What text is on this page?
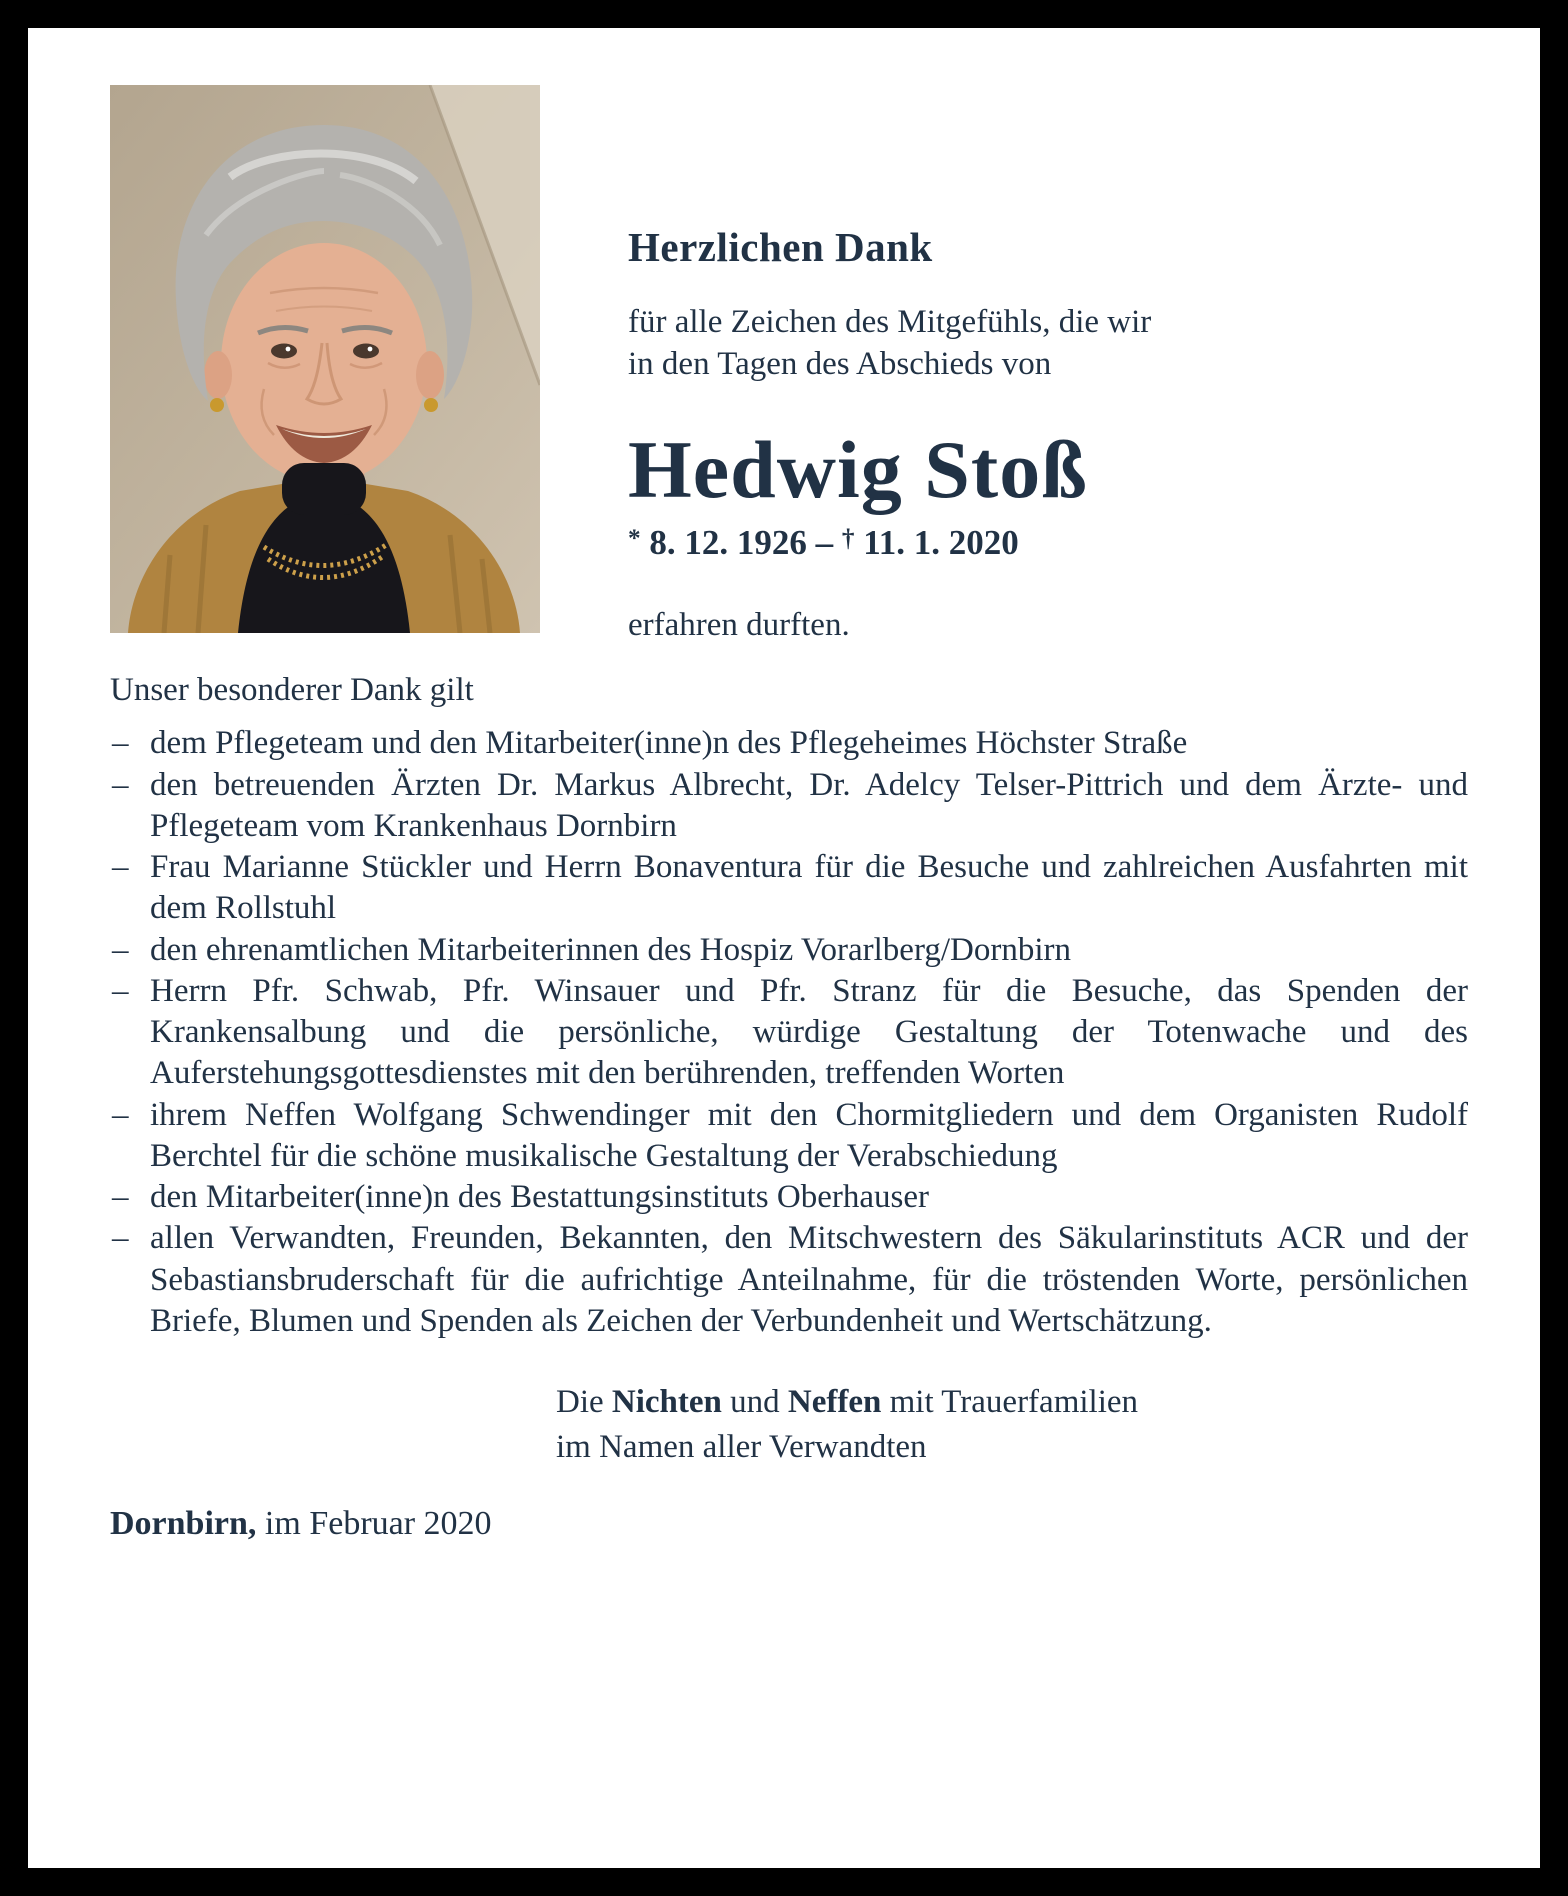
Herzlichen Dank

für alle Zeichen des Mitgefühls, die wir
in den Tagen des Abschieds von

Hedwig Stoß

* 8. 12. 1926 – † 11. 1. 2020

erfahren durften.

Unser besonderer Dank gilt

– dem Pflegeteam und den Mitarbeiter(inne)n des Pflegeheimes Höchster Straße
– den betreuenden Ärzten Dr. Markus Albrecht, Dr. Adelcy Telser-Pittrich und dem Ärzte- und Pflegeteam vom Krankenhaus Dornbirn
– Frau Marianne Stückler und Herrn Bonaventura für die Besuche und zahlreichen Ausfahrten mit dem Rollstuhl
– den ehrenamtlichen Mitarbeiterinnen des Hospiz Vorarlberg/Dornbirn
– Herrn Pfr. Schwab, Pfr. Winsauer und Pfr. Stranz für die Besuche, das Spenden der Krankensalbung und die persönliche, würdige Gestaltung der Totenwache und des Auferstehungsgottesdienstes mit den berührenden, treffenden Worten
– ihrem Neffen Wolfgang Schwendinger mit den Chormitgliedern und dem Organisten Rudolf Berchtel für die schöne musikalische Gestaltung der Verabschiedung
– den Mitarbeiter(inne)n des Bestattungsinstituts Oberhauser
– allen Verwandten, Freunden, Bekannten, den Mitschwestern des Säkularinstituts ACR und der Sebastiansbruderschaft für die aufrichtige Anteilnahme, für die tröstenden Worte, persönlichen Briefe, Blumen und Spenden als Zeichen der Verbundenheit und Wertschätzung.

Die Nichten und Neffen mit Trauerfamilien

im Namen aller Verwandten

Dornbirn, im Februar 2020
